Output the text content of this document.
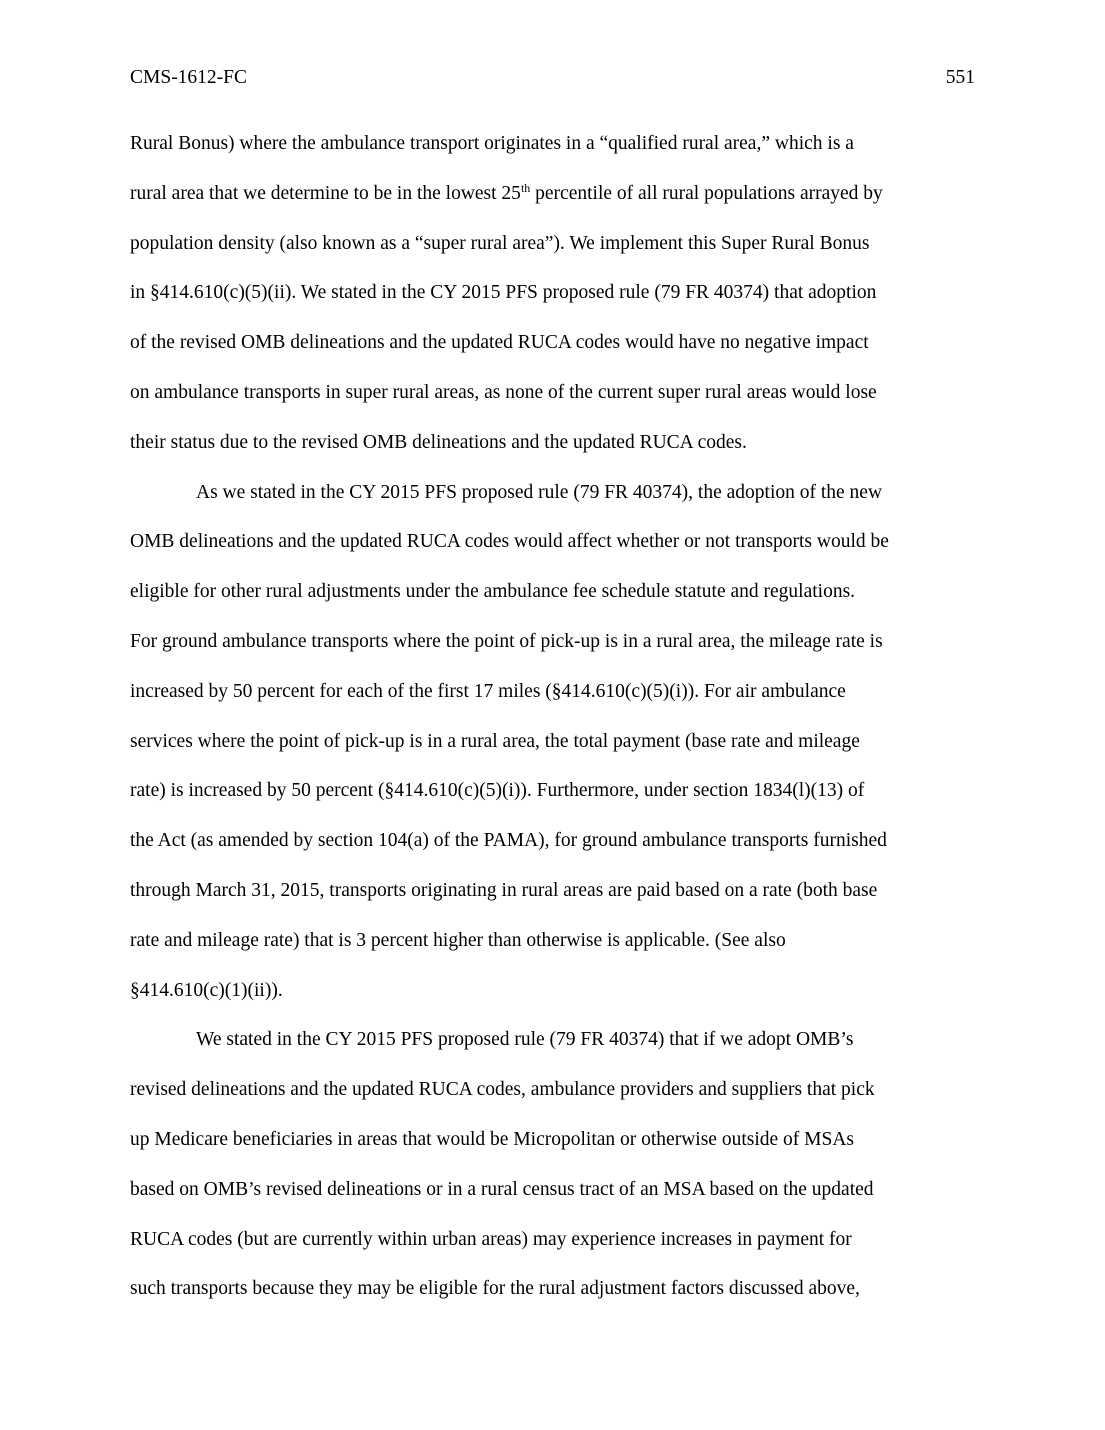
CMS-1612-FC	551
Rural Bonus) where the ambulance transport originates in a “qualified rural area,” which is a
rural area that we determine to be in the lowest 25th percentile of all rural populations arrayed by
population density (also known as a “super rural area”). We implement this Super Rural Bonus
in §414.610(c)(5)(ii). We stated in the CY 2015 PFS proposed rule (79 FR 40374) that adoption
of the revised OMB delineations and the updated RUCA codes would have no negative impact
on ambulance transports in super rural areas, as none of the current super rural areas would lose
their status due to the revised OMB delineations and the updated RUCA codes.
As we stated in the CY 2015 PFS proposed rule (79 FR 40374), the adoption of the new
OMB delineations and the updated RUCA codes would affect whether or not transports would be
eligible for other rural adjustments under the ambulance fee schedule statute and regulations.
For ground ambulance transports where the point of pick-up is in a rural area, the mileage rate is
increased by 50 percent for each of the first 17 miles (§414.610(c)(5)(i)). For air ambulance
services where the point of pick-up is in a rural area, the total payment (base rate and mileage
rate) is increased by 50 percent (§414.610(c)(5)(i)). Furthermore, under section 1834(l)(13) of
the Act (as amended by section 104(a) of the PAMA), for ground ambulance transports furnished
through March 31, 2015, transports originating in rural areas are paid based on a rate (both base
rate and mileage rate) that is 3 percent higher than otherwise is applicable. (See also
§414.610(c)(1)(ii)).
We stated in the CY 2015 PFS proposed rule (79 FR 40374) that if we adopt OMB’s
revised delineations and the updated RUCA codes, ambulance providers and suppliers that pick
up Medicare beneficiaries in areas that would be Micropolitan or otherwise outside of MSAs
based on OMB’s revised delineations or in a rural census tract of an MSA based on the updated
RUCA codes (but are currently within urban areas) may experience increases in payment for
such transports because they may be eligible for the rural adjustment factors discussed above,
